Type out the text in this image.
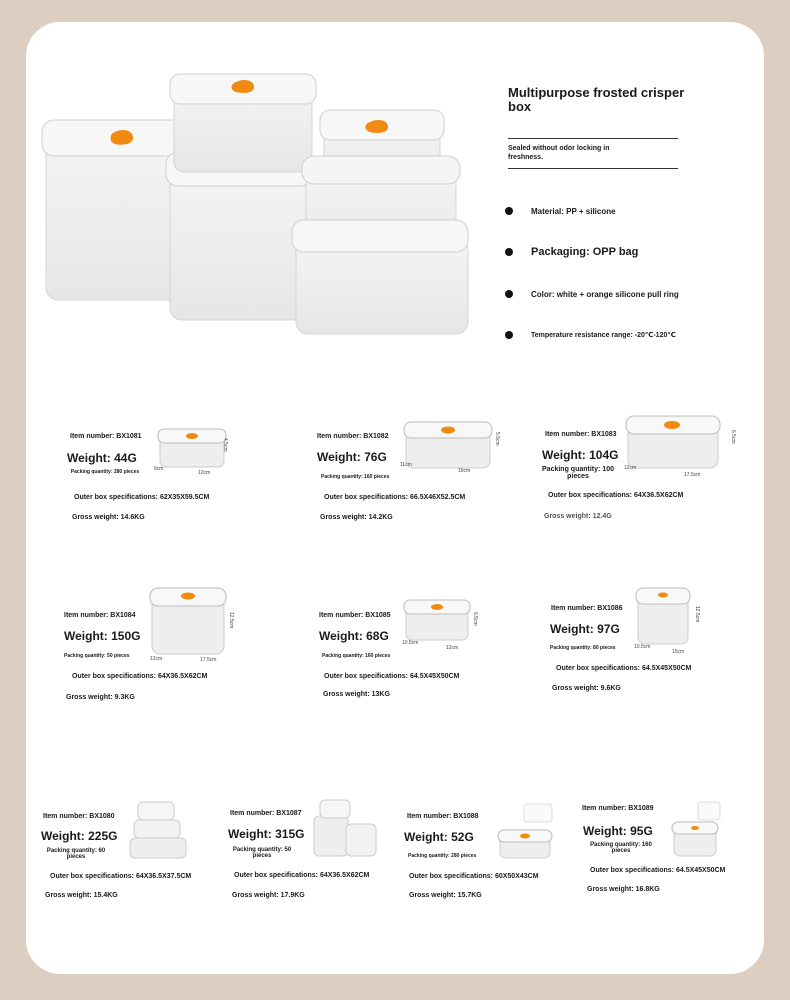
Multipurpose frosted crisper box
Sealed without odor locking in freshness.
Material: PP + silicone
Packaging: OPP bag
Color: white + orange silicone pull ring
Temperature resistance range: -20℃-120℃
Item number: BX1081
Weight: 44G
Packing quantity: 280 pieces
Outer box specifications: 62X35X59.5CM
Gross weight: 14.6KG
6cm
12cm
4.5cm
Item number: BX1082
Weight: 76G
Packing quantity: 160 pieces
Outer box specifications: 66.5X46X52.5CM
Gross weight: 14.2KG
11cm
16cm
5.5cm	Item number: BX1083
Weight: 104G
Packing quantity: 100 pieces
Outer box specifications: 64X36.5X62CM
Gross weight: 12.4G
12cm
17.5cm
6.5cm
Item number: BX1084
Weight: 150G
Packing quantity: 50 pieces
Outer box specifications: 64X36.5X62CM
Gross weight: 9.3KG
12cm	17.5cm
12.5cm	Item number: BX1085
Weight: 68G
Packing quantity: 160 pieces
Outer box specifications: 64.5X45X50CM
Gross weight: 13KG
10.5cm
12cm
6.5cm
Item number: BX1086
Weight: 97G
Packing quantity: 80 pieces
Outer box specifications: 64.5X45X50CM
Gross weight: 9.6KG
10.5cm
15cm
12.5cm
Item number: BX1080
Weight: 225G
Packing quantity: 60 pieces
Outer box specifications: 64X36.5X37.5CM
Gross weight: 15.4KG
Item number: BX1087
Weight: 315G
Packing quantity: 50 pieces
Outer box specifications: 64X36.5X62CM
Gross weight: 17.9KG
Item number: BX1088
Weight: 52G
Packing quantity: 280 pieces
Outer box specifications: 60X50X43CM
Gross weight: 15.7KG
Item number: BX1089
Weight: 95G
Packing quantity: 160 pieces
Outer box specifications: 64.5X45X50CM
Gross weight: 16.8KG
